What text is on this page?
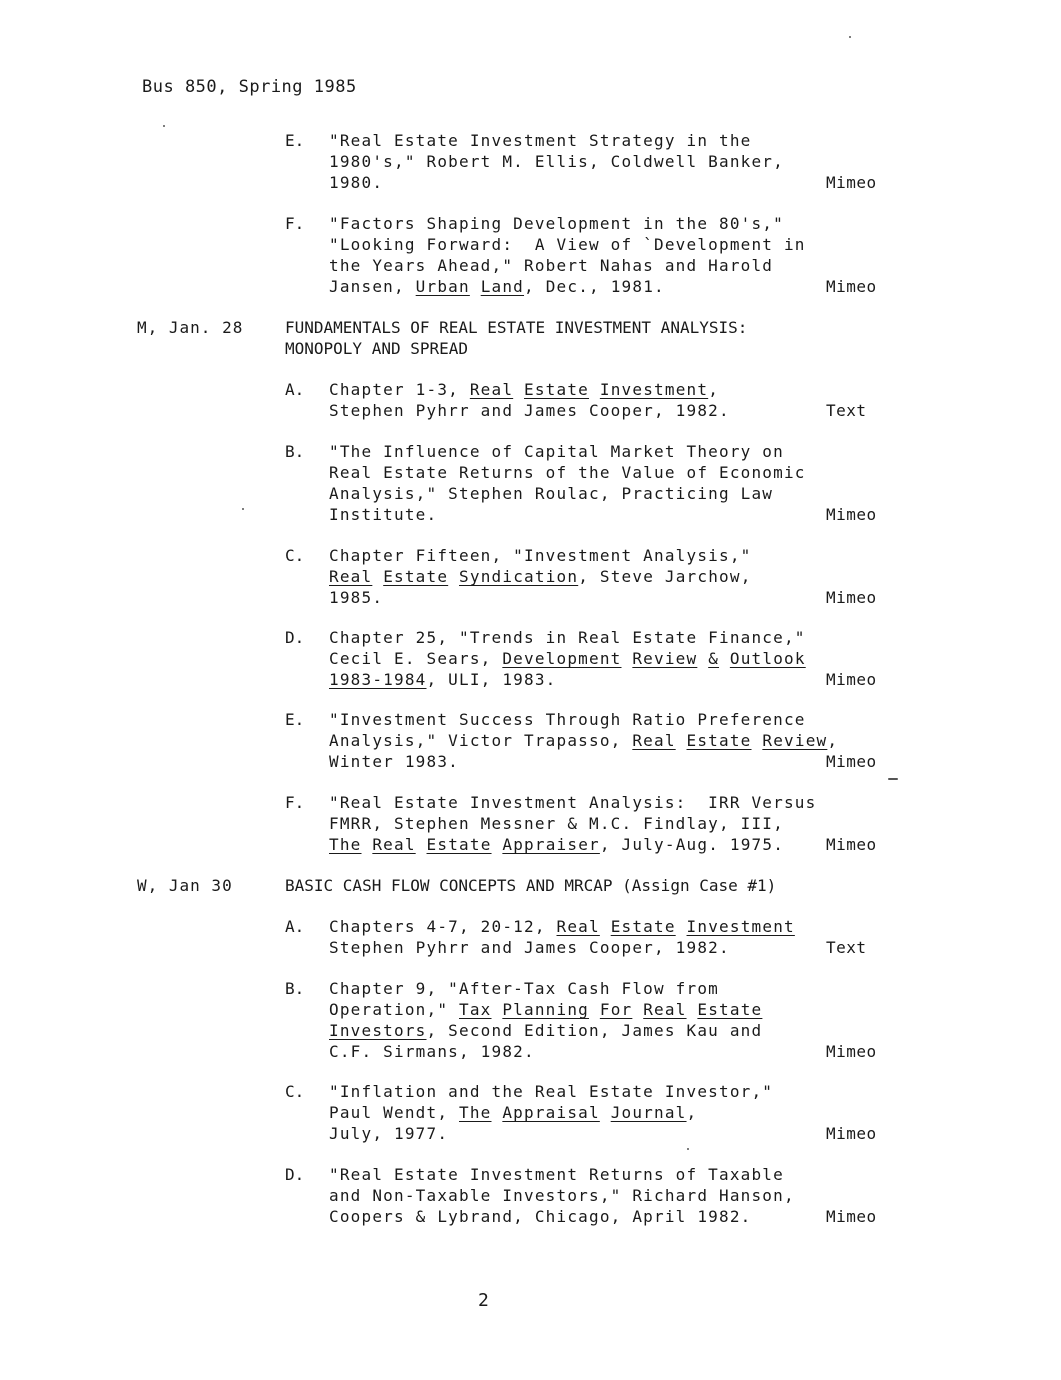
Bus 850, Spring 1985
E. "Real Estate Investment Strategy in the
1980's," Robert M. Ellis, Coldwell Banker,
1980.	Mimeo
F. "Factors Shaping Development in the 80's,"
"Looking Forward:  A View of `Development in
the Years Ahead," Robert Nahas and Harold
Jansen, Urban Land, Dec., 1981.	Mimeo
M, Jan. 28	FUNDAMENTALS OF REAL ESTATE INVESTMENT ANALYSIS:
MONOPOLY AND SPREAD
A. Chapter 1-3, Real Estate Investment,
Stephen Pyhrr and James Cooper, 1982.	Text
B. "The Influence of Capital Market Theory on
Real Estate Returns of the Value of Economic
Analysis," Stephen Roulac, Practicing Law
Institute.	Mimeo
C. Chapter Fifteen, "Investment Analysis,"
Real Estate Syndication, Steve Jarchow,
1985.	Mimeo
D. Chapter 25, "Trends in Real Estate Finance,"
Cecil E. Sears, Development Review & Outlook
1983-1984, ULI, 1983.	Mimeo
E. "Investment Success Through Ratio Preference
Analysis," Victor Trapasso, Real Estate Review,
Winter 1983.	Mimeo
F. "Real Estate Investment Analysis:  IRR Versus
FMRR, Stephen Messner & M.C. Findlay, III,
The Real Estate Appraiser, July-Aug. 1975.	Mimeo
W, Jan 30	BASIC CASH FLOW CONCEPTS AND MRCAP (Assign Case #1)
A. Chapters 4-7, 20-12, Real Estate Investment
Stephen Pyhrr and James Cooper, 1982.	Text
B. Chapter 9, "After-Tax Cash Flow from
Operation," Tax Planning For Real Estate
Investors, Second Edition, James Kau and
C.F. Sirmans, 1982.	Mimeo
C. "Inflation and the Real Estate Investor,"
Paul Wendt, The Appraisal Journal,
July, 1977.	Mimeo
D. "Real Estate Investment Returns of Taxable
and Non-Taxable Investors," Richard Hanson,
Coopers & Lybrand, Chicago, April 1982.	Mimeo
2
